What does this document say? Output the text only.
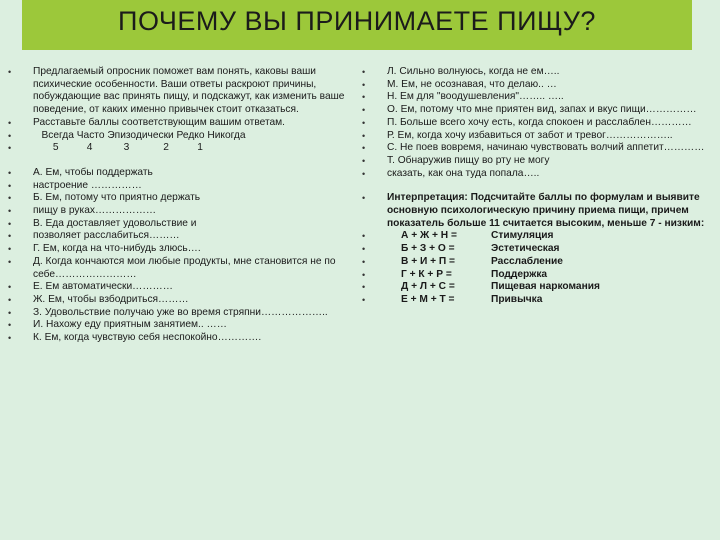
ПОЧЕМУ ВЫ ПРИНИМАЕТЕ ПИЩУ?
•	Предлагаемый опросник поможет вам понять, каковы ваши психические особенности. Ваши ответы раскроют причины, побуждающие вас принять пищу, и подскажут, как изменить ваше поведение, от каких именно привычек стоит отказаться.
•	Расставьте баллы соответствующим вашим ответам.
•	Всегда Часто Эпизодически Редко Никогда
•	5          4           3            2          1
•	А. Ем, чтобы поддержать
•	настроение ……………
•	Б. Ем, потому что приятно держать
•	пищу в руках………………
•	В. Еда доставляет удовольствие и
•	позволяет расслабиться………
•	Г. Ем, когда на что-нибудь злюсь….
•	Д. Когда кончаются мои любые продукты, мне становится не по себе……………………
•	Е. Ем автоматически…………
•	Ж. Ем, чтобы взбодриться………
•	З. Удовольствие получаю уже во время стряпни………………..
•	И. Нахожу еду приятным занятием.. ……
•	К. Ем, когда чувствую себя неспокойно………….
•	Л. Сильно волнуюсь, когда не ем…..
•	М. Ем, не осознавая, что делаю.. …
•	Н. Ем для "воодушевления"…….. …..
•	О. Ем, потому что мне приятен вид, запах и вкус пищи……………
•	П. Больше всего хочу есть, когда спокоен и расслаблен…………
•	Р. Ем, когда хочу избавиться от забот и тревог………………..
•	С. Не поев вовремя, начинаю чувствовать волчий аппетит…………
•	Т. Обнаружив пищу во рту не могу
•	сказать, как она туда попала…..
•	Интерпретация: Подсчитайте баллы по формулам и выявите основную психологическую причину приема пищи, причем показатель больше 11 считается высоким, меньше 7 - низким:
•	А + Ж + Н =	Стимуляция
•	Б + З + О =	Эстетическая
•	В + И + П =	Расслабление
•	Г + К + Р =	Поддержка
•	Д + Л + С =	Пищевая наркомания
•	Е + М + Т =	Привычка
